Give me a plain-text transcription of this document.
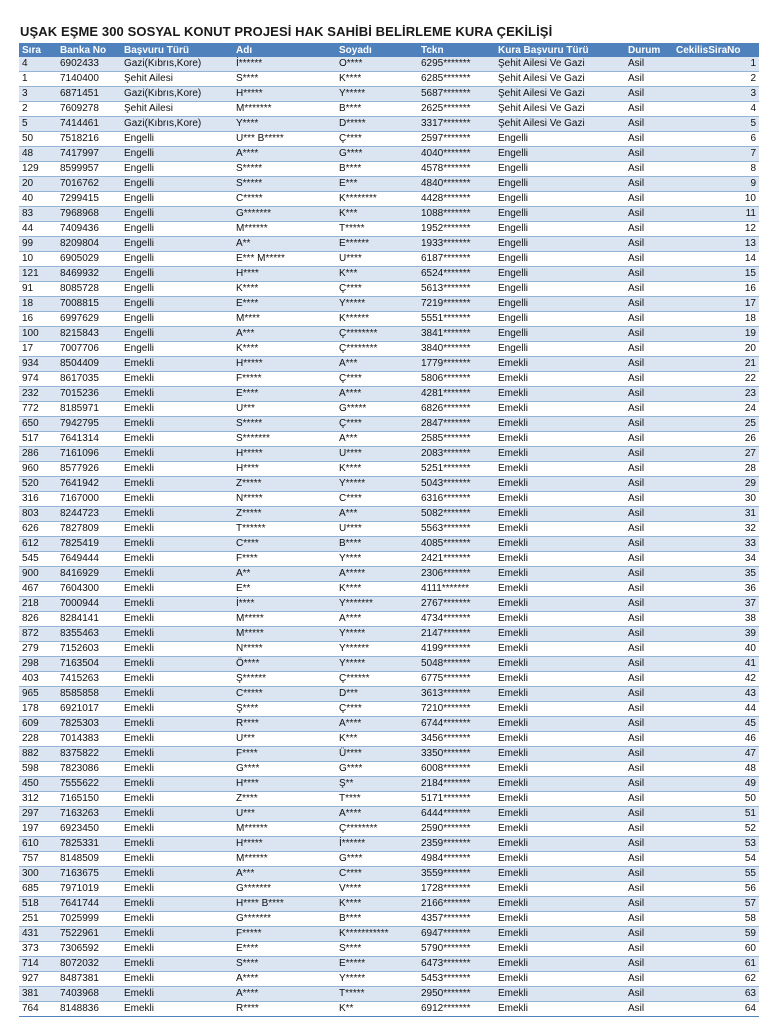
UŞAK EŞME 300 SOSYAL KONUT PROJESİ HAK SAHİBİ BELİRLEME KURA ÇEKİLİŞİ
Sıra	Banka No	Başvuru Türü	Adı	Soyadı	Tckn	Kura Başvuru Türü	Durum	CekilisSiraNo
4	6902433	Gazi(Kıbrıs,Kore)	İ******	O****	6295*******	Şehit Ailesi Ve Gazi	Asil	1
1	7140400	Şehit Ailesi	S****	K****	6285*******	Şehit Ailesi Ve Gazi	Asil	2
3	6871451	Gazi(Kıbrıs,Kore)	H*****	Y*****	5687*******	Şehit Ailesi Ve Gazi	Asil	3
2	7609278	Şehit Ailesi	M*******	B****	2625*******	Şehit Ailesi Ve Gazi	Asil	4
5	7414461	Gazi(Kıbrıs,Kore)	Y****	D*****	3317*******	Şehit Ailesi Ve Gazi	Asil	5
50	7518216	Engelli	U*** B*****	Ç****	2597*******	Engelli	Asil	6
48	7417997	Engelli	A****	G****	4040*******	Engelli	Asil	7
129	8599957	Engelli	S*****	B****	4578*******	Engelli	Asil	8
20	7016762	Engelli	S*****	E***	4840*******	Engelli	Asil	9
40	7299415	Engelli	C*****	K********	4428*******	Engelli	Asil	10
83	7968968	Engelli	G*******	K***	1088*******	Engelli	Asil	11
44	7409436	Engelli	M******	T*****	1952*******	Engelli	Asil	12
99	8209804	Engelli	A**	E******	1933*******	Engelli	Asil	13
10	6905029	Engelli	E*** M*****	U****	6187*******	Engelli	Asil	14
121	8469932	Engelli	H****	K***	6524*******	Engelli	Asil	15
91	8085728	Engelli	K****	Ç****	5613*******	Engelli	Asil	16
18	7008815	Engelli	E****	Y*****	7219*******	Engelli	Asil	17
16	6997629	Engelli	M****	K******	5551*******	Engelli	Asil	18
100	8215843	Engelli	A***	Ç********	3841*******	Engelli	Asil	19
17	7007706	Engelli	K****	Ç********	3840*******	Engelli	Asil	20
934	8504409	Emekli	H*****	A***	1779*******	Emekli	Asil	21
974	8617035	Emekli	F*****	Ç****	5806*******	Emekli	Asil	22
232	7015236	Emekli	E****	A****	4281*******	Emekli	Asil	23
772	8185971	Emekli	U***	G*****	6826*******	Emekli	Asil	24
650	7942795	Emekli	S*****	Ç****	2847*******	Emekli	Asil	25
517	7641314	Emekli	S*******	A***	2585*******	Emekli	Asil	26
286	7161096	Emekli	H*****	U****	2083*******	Emekli	Asil	27
960	8577926	Emekli	H****	K****	5251*******	Emekli	Asil	28
520	7641942	Emekli	Z*****	Y*****	5043*******	Emekli	Asil	29
316	7167000	Emekli	N*****	C****	6316*******	Emekli	Asil	30
803	8244723	Emekli	Z*****	A***	5082*******	Emekli	Asil	31
626	7827809	Emekli	T******	U****	5563*******	Emekli	Asil	32
612	7825419	Emekli	C****	B****	4085*******	Emekli	Asil	33
545	7649444	Emekli	F****	Y****	2421*******	Emekli	Asil	34
900	8416929	Emekli	A**	A*****	2306*******	Emekli	Asil	35
467	7604300	Emekli	E**	K****	4111*******	Emekli	Asil	36
218	7000944	Emekli	İ****	Y*******	2767*******	Emekli	Asil	37
826	8284141	Emekli	M*****	A****	4734*******	Emekli	Asil	38
872	8355463	Emekli	M*****	Y*****	2147*******	Emekli	Asil	39
279	7152603	Emekli	N*****	Y******	4199*******	Emekli	Asil	40
298	7163504	Emekli	Ö****	Y*****	5048*******	Emekli	Asil	41
403	7415263	Emekli	Ş******	Ç******	6775*******	Emekli	Asil	42
965	8585858	Emekli	C*****	D***	3613*******	Emekli	Asil	43
178	6921017	Emekli	Ş****	Ç****	7210*******	Emekli	Asil	44
609	7825303	Emekli	R****	A****	6744*******	Emekli	Asil	45
228	7014383	Emekli	U***	K***	3456*******	Emekli	Asil	46
882	8375822	Emekli	F****	Ü****	3350*******	Emekli	Asil	47
598	7823086	Emekli	G****	G****	6008*******	Emekli	Asil	48
450	7555622	Emekli	H****	Ş**	2184*******	Emekli	Asil	49
312	7165150	Emekli	Z****	T****	5171*******	Emekli	Asil	50
297	7163263	Emekli	U***	A****	6444*******	Emekli	Asil	51
197	6923450	Emekli	M******	Ç********	2590*******	Emekli	Asil	52
610	7825331	Emekli	H*****	İ******	2359*******	Emekli	Asil	53
757	8148509	Emekli	M******	G****	4984*******	Emekli	Asil	54
300	7163675	Emekli	A***	C****	3559*******	Emekli	Asil	55
685	7971019	Emekli	G*******	V****	1728*******	Emekli	Asil	56
518	7641744	Emekli	H**** B****	K****	2166*******	Emekli	Asil	57
251	7025999	Emekli	G*******	B****	4357*******	Emekli	Asil	58
431	7522961	Emekli	F*****	K***********	6947*******	Emekli	Asil	59
373	7306592	Emekli	E****	S****	5790*******	Emekli	Asil	60
714	8072032	Emekli	S****	E*****	6473*******	Emekli	Asil	61
927	8487381	Emekli	A****	Y*****	5453*******	Emekli	Asil	62
381	7403968	Emekli	A****	T*****	2950*******	Emekli	Asil	63
764	8148836	Emekli	R****	K**	6912*******	Emekli	Asil	64
